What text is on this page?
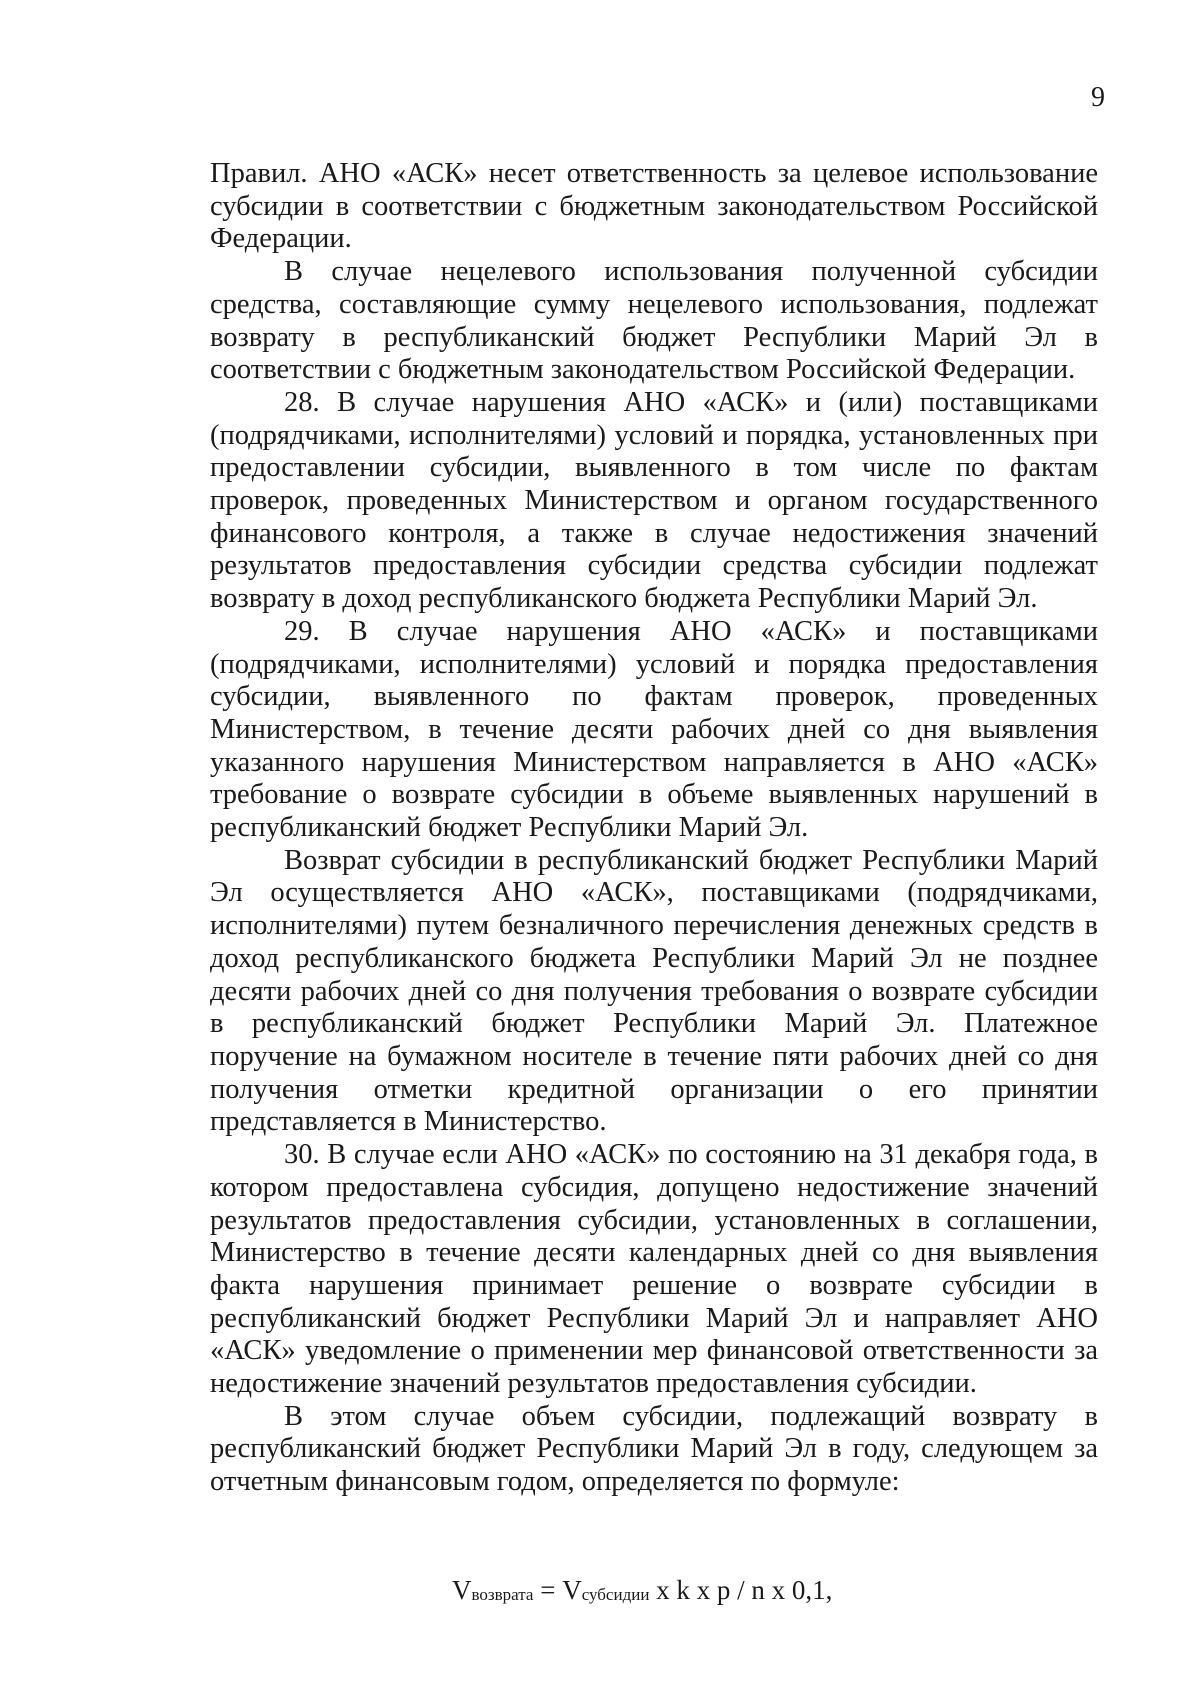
9

Правил. АНО «АСК» несет ответственность за целевое использование субсидии в соответствии с бюджетным законодательством Российской Федерации.

В случае нецелевого использования полученной субсидии средства, составляющие сумму нецелевого использования, подлежат возврату в республиканский бюджет Республики Марий Эл в соответствии с бюджетным законодательством Российской Федерации.

28. В случае нарушения АНО «АСК» и (или) поставщиками (подрядчиками, исполнителями) условий и порядка, установленных при предоставлении субсидии, выявленного в том числе по фактам проверок, проведенных Министерством и органом государственного финансового контроля, а также в случае недостижения значений результатов предоставления субсидии средства субсидии подлежат возврату в доход республиканского бюджета Республики Марий Эл.

29. В случае нарушения АНО «АСК» и поставщиками (подрядчиками, исполнителями) условий и порядка предоставления субсидии, выявленного по фактам проверок, проведенных Министерством, в течение десяти рабочих дней со дня выявления указанного нарушения Министерством направляется в АНО «АСК» требование о возврате субсидии в объеме выявленных нарушений в республиканский бюджет Республики Марий Эл.

Возврат субсидии в республиканский бюджет Республики Марий Эл осуществляется АНО «АСК», поставщиками (подрядчиками, исполнителями) путем безналичного перечисления денежных средств в доход республиканского бюджета Республики Марий Эл не позднее десяти рабочих дней со дня получения требования о возврате субсидии в республиканский бюджет Республики Марий Эл. Платежное поручение на бумажном носителе в течение пяти рабочих дней со дня получения отметки кредитной организации о его принятии представляется в Министерство.

30. В случае если АНО «АСК» по состоянию на 31 декабря года, в котором предоставлена субсидия, допущено недостижение значений результатов предоставления субсидии, установленных в соглашении, Министерство в течение десяти календарных дней со дня выявления факта нарушения принимает решение о возврате субсидии в республиканский бюджет Республики Марий Эл и направляет АНО «АСК» уведомление о применении мер финансовой ответственности за недостижение значений результатов предоставления субсидии.

В этом случае объем субсидии, подлежащий возврату в республиканский бюджет Республики Марий Эл в году, следующем за отчетным финансовым годом, определяется по формуле:

Vвозврата = Vсубсидии x k x p / n x 0,1,
